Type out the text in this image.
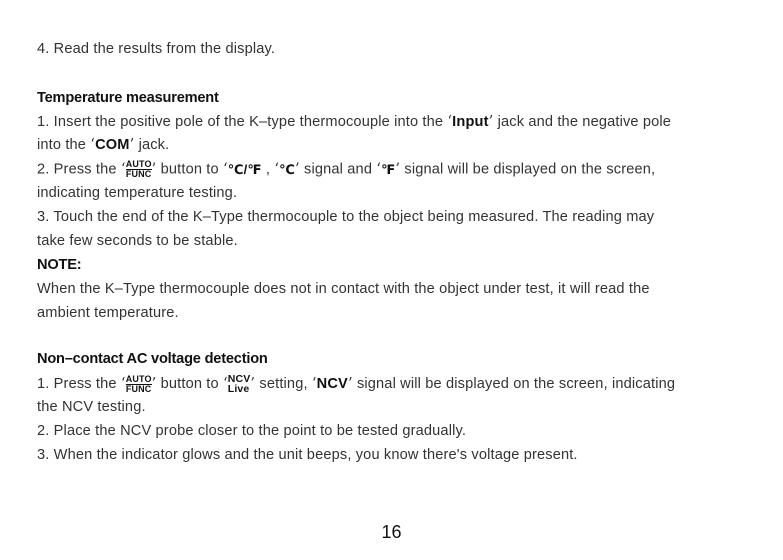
4. Read the results from the display.
Temperature measurement
1. Insert the positive pole of the K–type thermocouple into the ‘Input’ jack and the negative pole
into the ‘COM’ jack.
2. Press the ‘ AUTO
FUNC ’ button to ‘℃/℉ , ‘℃’ signal and ‘℉’ signal will be displayed on the screen,
indicating temperature testing.
3. Touch the end of the K–Type thermocouple to the object being measured. The reading may
take few seconds to be stable.
NOTE:
When the K–Type thermocouple does not in contact with the object under test, it will read the
ambient temperature.
Non–contact AC voltage detection
1. Press the ‘ AUTO
FUNC ’ button to ‘ NCV
Live ’ setting, ‘NCV’ signal will be displayed on the screen, indicating
the NCV testing.
2. Place the NCV probe closer to the point to be tested gradually.
3. When the indicator glows and the unit beeps, you know there's voltage present.
16
